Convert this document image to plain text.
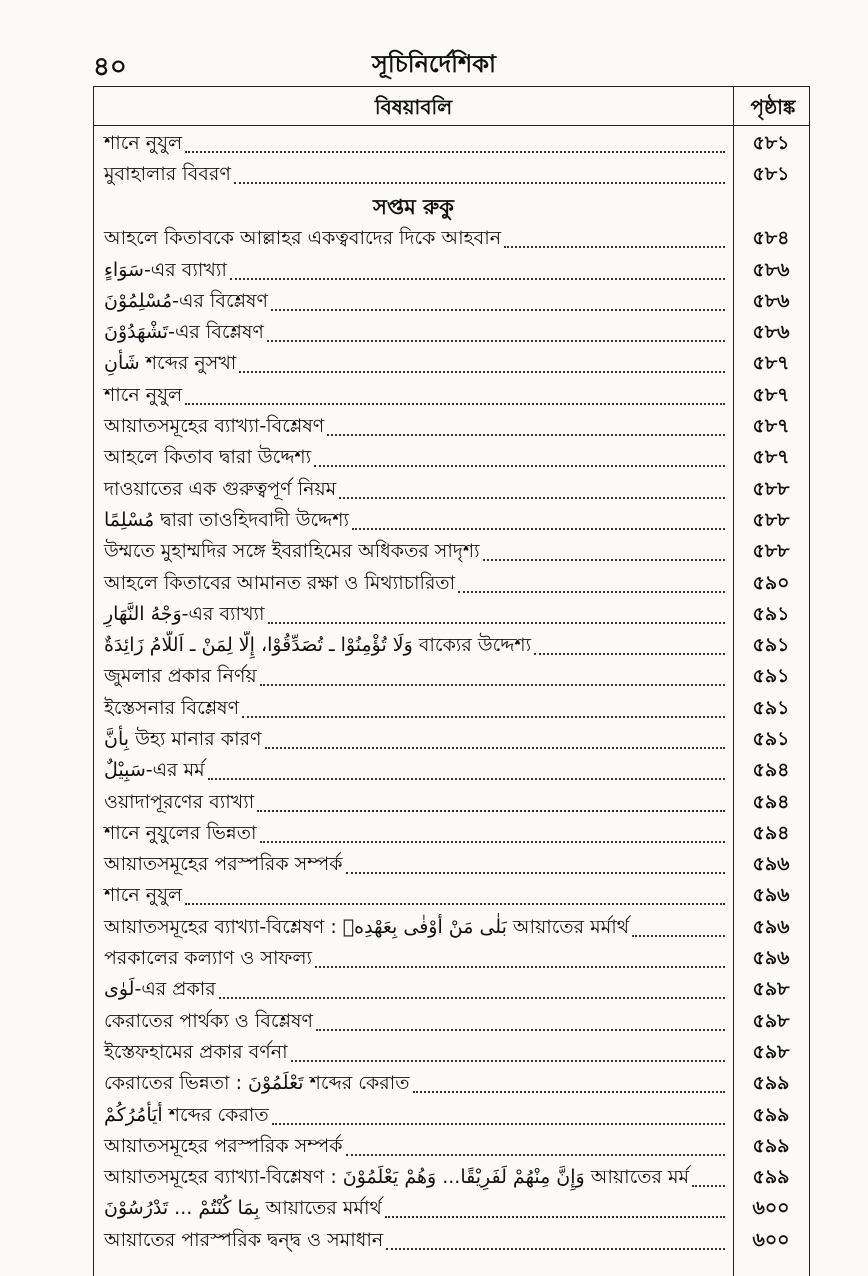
৪০	সূচিনির্দেশিকা
বিষয়াবলি	পৃষ্ঠাঙ্ক
শানে নুযুল	৫৮১
মুবাহালার বিবরণ	৫৮১
সপ্তম রুকু
আহলে কিতাবকে আল্লাহর একত্ববাদের দিকে আহবান	৫৮৪
سَوَاءٍ-এর ব্যাখ্যা	৫৮৬
مُسْلِمُوْنَ-এর বিশ্লেষণ	৫৮৬
تَشْهَدُوْنَ-এর বিশ্লেষণ	৫৮৬
شَأْنِ শব্দের নুসখা	৫৮৭
শানে নুযুল	৫৮৭
আয়াতসমূহের ব্যাখ্যা-বিশ্লেষণ	৫৮৭
আহলে কিতাব দ্বারা উদ্দেশ্য	৫৮৭
দাওয়াতের এক গুরুত্বপূর্ণ নিয়ম	৫৮৮
مُسْلِمًا দ্বারা তাওহিদবাদী উদ্দেশ্য	৫৮৮
উম্মতে মুহাম্মদির সঙ্গে ইবরাহিমের অধিকতর সাদৃশ্য	৫৮৮
আহলে কিতাবের আমানত রক্ষা ও মিথ্যাচারিতা	৫৯০
وَجْهُ النَّهَارِ-এর ব্যাখ্যা	৫৯১
وَلَا تُؤْمِنُوْا ـ تُصَدِّقُوْا، إِلَّا لِمَنْ ـ اَللَّامُ زَائِدَةٌ বাক্যের উদ্দেশ্য	৫৯১
জুমলার প্রকার নির্ণয়	৫৯১
ইস্তেসনার বিশ্লেষণ	৫৯১
بِأَنَّ উহ্য মানার কারণ	৫৯১
سَبِيْلٌ-এর মর্ম	৫৯৪
ওয়াদাপূরণের ব্যাখ্যা	৫৯৪
শানে নুযুলের ভিন্নতা	৫৯৪
আয়াতসমূহের পরস্পরিক সম্পর্ক	৫৯৬
শানে নুযুল	৫৯৬
আয়াতসমূহের ব্যাখ্যা-বিশ্লেষণ : بَلٰى مَنْ أَوْفٰى بِعَهْدِهٖ আয়াতের মর্মার্থ	৫৯৬
পরকালের কল্যাণ ও সাফল্য	৫৯৬
لَوٰى-এর প্রকার	৫৯৮
কেরাতের পার্থক্য ও বিশ্লেষণ	৫৯৮
ইস্তেফহামের প্রকার বর্ণনা	৫৯৮
কেরাতের ভিন্নতা : تَعْلَمُوْنَ শব্দের কেরাত	৫৯৯
أَيَأْمُرُكُمْ শব্দের কেরাত	৫৯৯
আয়াতসমূহের পরস্পরিক সম্পর্ক	৫৯৯
আয়াতসমূহের ব্যাখ্যা-বিশ্লেষণ : وَإِنَّ مِنْهُمْ لَفَرِيْقًا... وَهُمْ يَعْلَمُوْنَ আয়াতের মর্ম	৫৯৯
بِمَا كُنْتُمْ ... تَدْرُسُوْنَ আয়াতের মর্মার্থ	৬০০
আয়াতের পারস্পরিক দ্বন্দ্ব ও সমাধান	৬০০
